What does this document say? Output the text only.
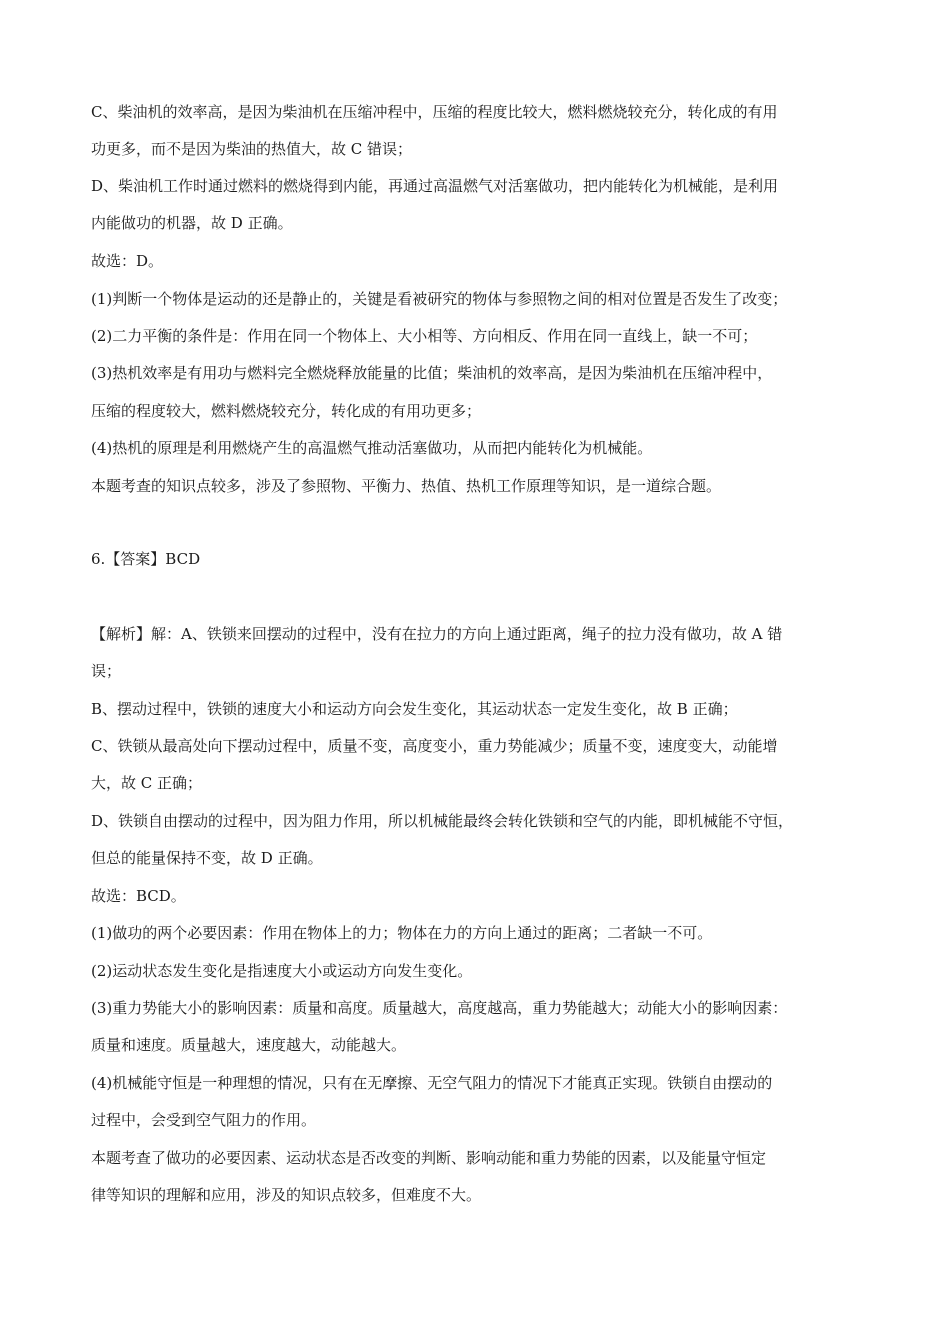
C、柴油机的效率高，是因为柴油机在压缩冲程中，压缩的程度比较大，燃料燃烧较充分，转化成的有用
功更多，而不是因为柴油的热值大，故 C 错误；
D、柴油机工作时通过燃料的燃烧得到内能，再通过高温燃气对活塞做功，把内能转化为机械能，是利用
内能做功的机器，故 D 正确。
故选：D。
(1)判断一个物体是运动的还是静止的，关键是看被研究的物体与参照物之间的相对位置是否发生了改变；
(2)二力平衡的条件是：作用在同一个物体上、大小相等、方向相反、作用在同一直线上，缺一不可；
(3)热机效率是有用功与燃料完全燃烧释放能量的比值；柴油机的效率高，是因为柴油机在压缩冲程中，
压缩的程度较大，燃料燃烧较充分，转化成的有用功更多；
(4)热机的原理是利用燃烧产生的高温燃气推动活塞做功，从而把内能转化为机械能。
本题考查的知识点较多，涉及了参照物、平衡力、热值、热机工作原理等知识，是一道综合题。
6.【答案】BCD
【解析】解：A、铁锁来回摆动的过程中，没有在拉力的方向上通过距离，绳子的拉力没有做功，故 A 错
误；
B、摆动过程中，铁锁的速度大小和运动方向会发生变化，其运动状态一定发生变化，故 B 正确；
C、铁锁从最高处向下摆动过程中，质量不变，高度变小，重力势能减少；质量不变，速度变大，动能增
大，故 C 正确；
D、铁锁自由摆动的过程中，因为阻力作用，所以机械能最终会转化铁锁和空气的内能，即机械能不守恒，
但总的能量保持不变，故 D 正确。
故选：BCD。
(1)做功的两个必要因素：作用在物体上的力；物体在力的方向上通过的距离；二者缺一不可。
(2)运动状态发生变化是指速度大小或运动方向发生变化。
(3)重力势能大小的影响因素：质量和高度。质量越大，高度越高，重力势能越大；动能大小的影响因素：
质量和速度。质量越大，速度越大，动能越大。
(4)机械能守恒是一种理想的情况，只有在无摩擦、无空气阻力的情况下才能真正实现。铁锁自由摆动的
过程中，会受到空气阻力的作用。
本题考查了做功的必要因素、运动状态是否改变的判断、影响动能和重力势能的因素，以及能量守恒定
律等知识的理解和应用，涉及的知识点较多，但难度不大。
